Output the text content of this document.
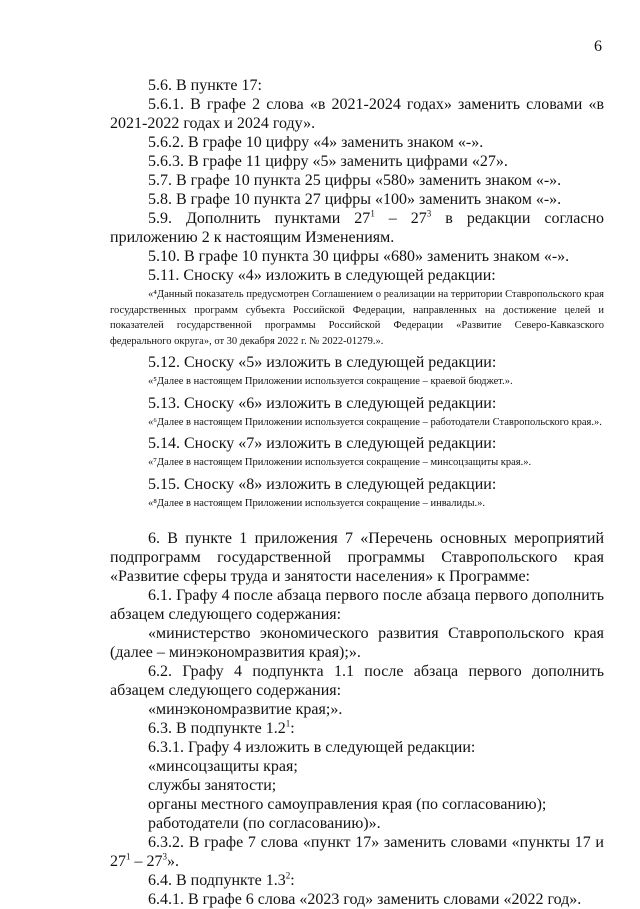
6

5.6. В пункте 17:

5.6.1. В графе 2 слова «в 2021-2024 годах» заменить словами «в 2021-2022 годах и 2024 году».

5.6.2. В графе 10 цифру «4» заменить знаком «-».

5.6.3. В графе 11 цифру «5» заменить цифрами «27».

5.7. В графе 10 пункта 25 цифры «580» заменить знаком «-».

5.8. В графе 10 пункта 27 цифры «100» заменить знаком «-».

5.9. Дополнить пунктами $27^1 - 27^3$ в редакции согласно приложению 2 к настоящим Изменениям.

5.10. В графе 10 пункта 30 цифры «680» заменить знаком «-».

5.11. Сноску «4» изложить в следующей редакции:

«⁴Данный показатель предусмотрен Соглашением о реализации на территории Ставропольского края государственных программ субъекта Российской Федерации, направленных на достижение целей и показателей государственной программы Российской Федерации «Развитие Северо-Кавказского федерального округа», от 30 декабря 2022 г. № 2022-01279.».

5.12. Сноску «5» изложить в следующей редакции:

«⁵Далее в настоящем Приложении используется сокращение – краевой бюджет.».

5.13. Сноску «6» изложить в следующей редакции:

«⁶Далее в настоящем Приложении используется сокращение – работодатели Ставропольского края.».

5.14. Сноску «7» изложить в следующей редакции:

«⁷Далее в настоящем Приложении используется сокращение – минсоцзащиты края.».

5.15. Сноску «8» изложить в следующей редакции:

«⁸Далее в настоящем Приложении используется сокращение – инвалиды.».

6. В пункте 1 приложения 7 «Перечень основных мероприятий подпрограмм государственной программы Ставропольского края «Развитие сферы труда и занятости населения» к Программе:

6.1. Графу 4 после абзаца первого после абзаца первого дополнить абзацем следующего содержания:

«министерство экономического развития Ставропольского края (далее – минэкономразвития края);».

6.2. Графу 4 подпункта 1.1 после абзаца первого дополнить абзацем следующего содержания:

«минэкономразвитие края;».

6.3. В подпункте $1.2^1$:

6.3.1. Графу 4 изложить в следующей редакции:

«минсоцзащиты края;

службы занятости;

органы местного самоуправления края (по согласованию);

работодатели (по согласованию)».

6.3.2. В графе 7 слова «пункт 17» заменить словами «пункты 17 и $27^1 - 27^3$».

6.4. В подпункте $1.3^2$:

6.4.1. В графе 6 слова «2023 год» заменить словами «2022 год».
